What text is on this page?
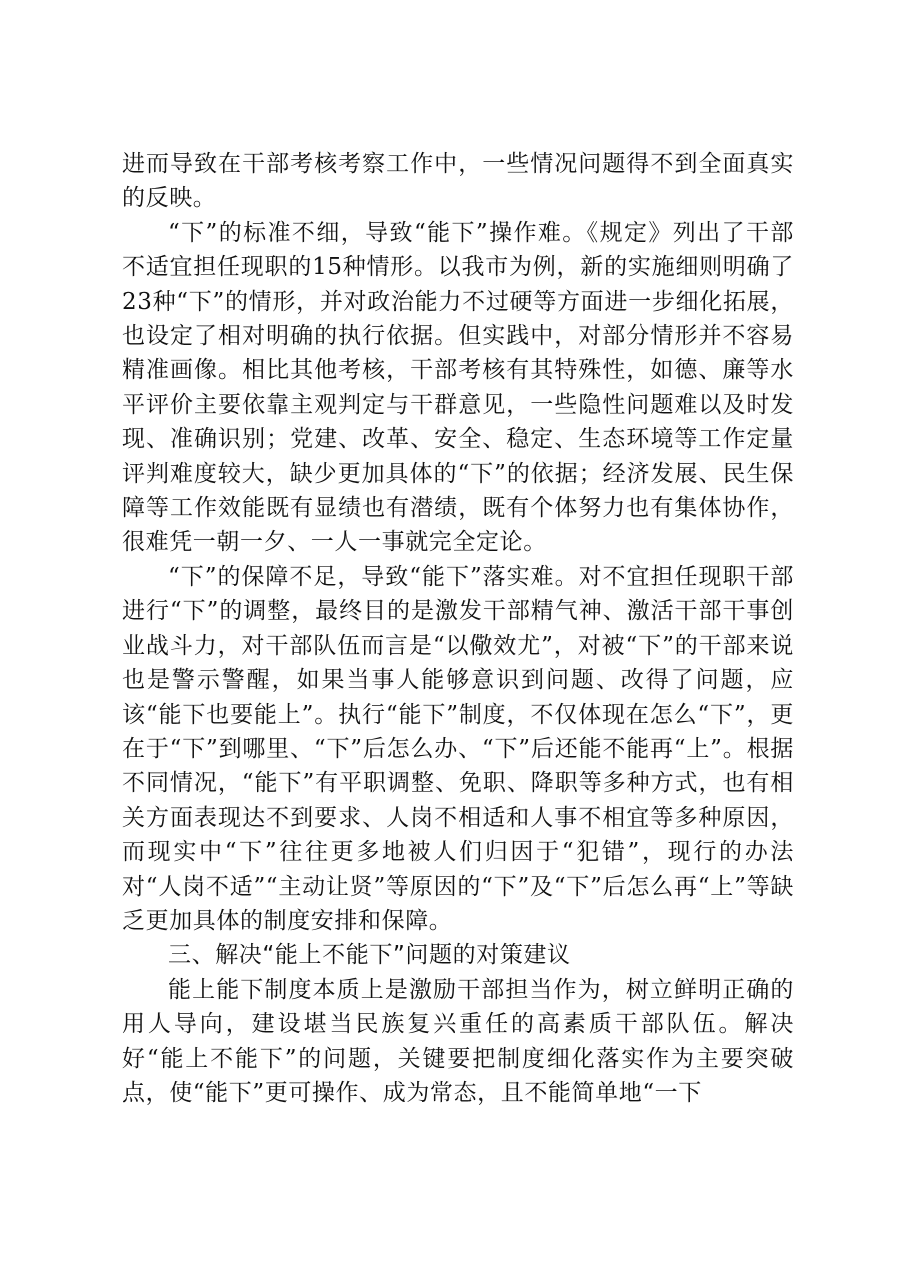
进而导致在干部考核考察工作中，一些情况问题得不到全面真实的反映。

“下”的标准不细，导致“能下”操作难。《规定》列出了干部不适宜担任现职的15种情形。以我市为例，新的实施细则明确了23种“下”的情形，并对政治能力不过硬等方面进一步细化拓展，也设定了相对明确的执行依据。但实践中，对部分情形并不容易精准画像。相比其他考核，干部考核有其特殊性，如德、廉等水平评价主要依靠主观判定与干群意见，一些隐性问题难以及时发现、准确识别；党建、改革、安全、稳定、生态环境等工作定量评判难度较大，缺少更加具体的“下”的依据；经济发展、民生保障等工作效能既有显绩也有潜绩，既有个体努力也有集体协作，很难凭一朝一夕、一人一事就完全定论。

“下”的保障不足，导致“能下”落实难。对不宜担任现职干部进行“下”的调整，最终目的是激发干部精气神、激活干部干事创业战斗力，对干部队伍而言是“以儆效尤”，对被“下”的干部来说也是警示警醒，如果当事人能够意识到问题、改得了问题，应该“能下也要能上”。执行“能下”制度，不仅体现在怎么“下”，更在于“下”到哪里、“下”后怎么办、“下”后还能不能再“上”。根据不同情况，“能下”有平职调整、免职、降职等多种方式，也有相关方面表现达不到要求、人岗不相适和人事不相宜等多种原因，而现实中“下”往往更多地被人们归因于“犯错”，现行的办法对“人岗不适”“主动让贤”等原因的“下”及“下”后怎么再“上”等缺乏更加具体的制度安排和保障。

三、解决“能上不能下”问题的对策建议

能上能下制度本质上是激励干部担当作为，树立鲜明正确的用人导向，建设堪当民族复兴重任的高素质干部队伍。解决好“能上不能下”的问题，关键要把制度细化落实作为主要突破点，使“能下”更可操作、成为常态，且不能简单地“一下
